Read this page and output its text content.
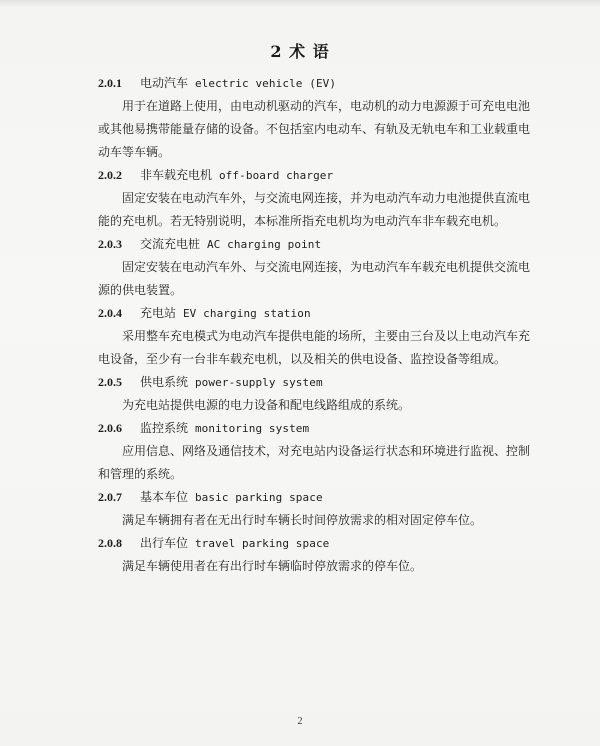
2 术 语
2.0.1 电动汽车 electric vehicle (EV)

用于在道路上使用，由电动机驱动的汽车，电动机的动力电源源于可充电电池或其他易携带能量存储的设备。不包括室内电动车、有轨及无轨电车和工业载重电动车等车辆。

2.0.2 非车载充电机 off-board charger

固定安装在电动汽车外，与交流电网连接，并为电动汽车动力电池提供直流电能的充电机。若无特别说明，本标准所指充电机均为电动汽车非车载充电机。

2.0.3 交流充电桩 AC charging point

固定安装在电动汽车外、与交流电网连接，为电动汽车车载充电机提供交流电源的供电装置。

2.0.4 充电站 EV charging station

采用整车充电模式为电动汽车提供电能的场所，主要由三台及以上电动汽车充电设备，至少有一台非车载充电机，以及相关的供电设备、监控设备等组成。

2.0.5 供电系统 power-supply system

为充电站提供电源的电力设备和配电线路组成的系统。

2.0.6 监控系统 monitoring system

应用信息、网络及通信技术，对充电站内设备运行状态和环境进行监视、控制和管理的系统。

2.0.7 基本车位 basic parking space

满足车辆拥有者在无出行时车辆长时间停放需求的相对固定停车位。

2.0.8 出行车位 travel parking space

满足车辆使用者在有出行时车辆临时停放需求的停车位。

2
